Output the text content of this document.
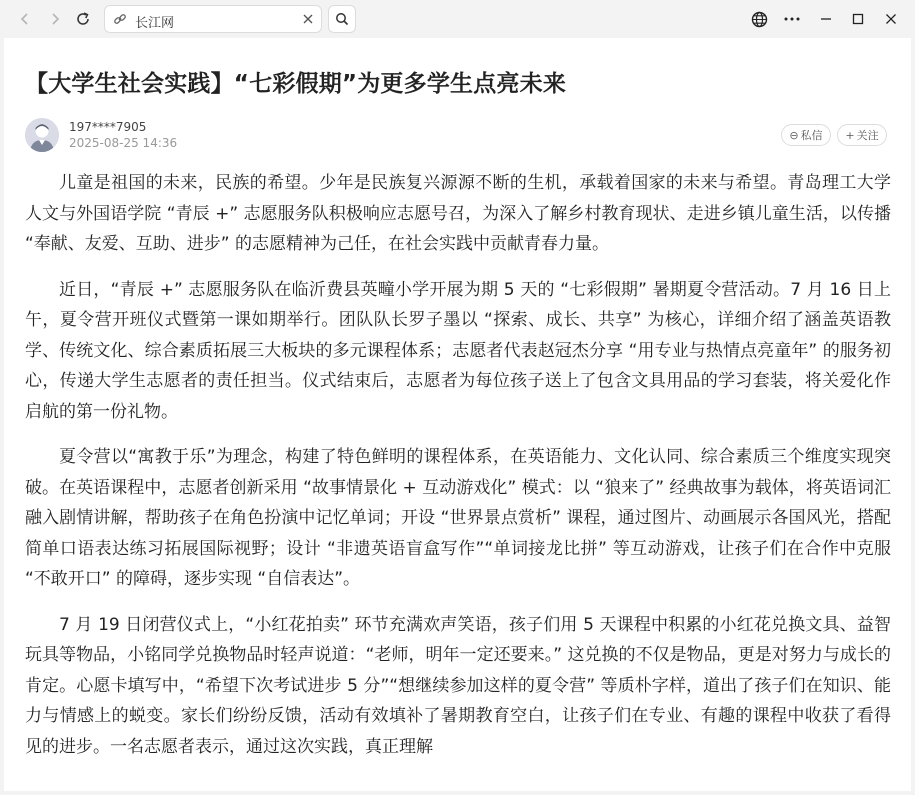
长江网
【大学生社会实践】“七彩假期”为更多学生点亮未来
197****7905
2025-08-25 14:36
⊖ 私信 + 关注

儿童是祖国的未来，民族的希望。少年是民族复兴源源不断的生机，承载着国家的未来与希望。青岛理工大学人文与外国语学院 “青辰 +” 志愿服务队积极响应志愿号召，为深入了解乡村教育现状、走进乡镇儿童生活，以传播 “奉献、友爱、互助、进步” 的志愿精神为己任，在社会实践中贡献青春力量。

近日，“青辰 +” 志愿服务队在临沂费县英疃小学开展为期 5 天的 “七彩假期” 暑期夏令营活动。7 月 16 日上午，夏令营开班仪式暨第一课如期举行。团队队长罗子墨以 “探索、成长、共享” 为核心，详细介绍了涵盖英语教学、传统文化、综合素质拓展三大板块的多元课程体系；志愿者代表赵冠杰分享 “用专业与热情点亮童年” 的服务初心，传递大学生志愿者的责任担当。仪式结束后，志愿者为每位孩子送上了包含文具用品的学习套装，将关爱化作启航的第一份礼物。

夏令营以“寓教于乐”为理念，构建了特色鲜明的课程体系，在英语能力、文化认同、综合素质三个维度实现突破。在英语课程中，志愿者创新采用 “故事情景化 + 互动游戏化” 模式：以 “狼来了” 经典故事为载体，将英语词汇融入剧情讲解，帮助孩子在角色扮演中记忆单词；开设 “世界景点赏析” 课程，通过图片、动画展示各国风光，搭配简单口语表达练习拓展国际视野；设计 “非遗英语盲盒写作”“单词接龙比拼” 等互动游戏，让孩子们在合作中克服 “不敢开口” 的障碍，逐步实现 “自信表达”。

7 月 19 日闭营仪式上，“小红花拍卖” 环节充满欢声笑语，孩子们用 5 天课程中积累的小红花兑换文具、益智玩具等物品，小铭同学兑换物品时轻声说道：“老师，明年一定还要来。” 这兑换的不仅是物品，更是对努力与成长的肯定。心愿卡填写中，“希望下次考试进步 5 分”“想继续参加这样的夏令营” 等质朴字样，道出了孩子们在知识、能力与情感上的蜕变。家长们纷纷反馈，活动有效填补了暑期教育空白，让孩子们在专业、有趣的课程中收获了看得见的进步。一名志愿者表示，通过这次实践，真正理解
